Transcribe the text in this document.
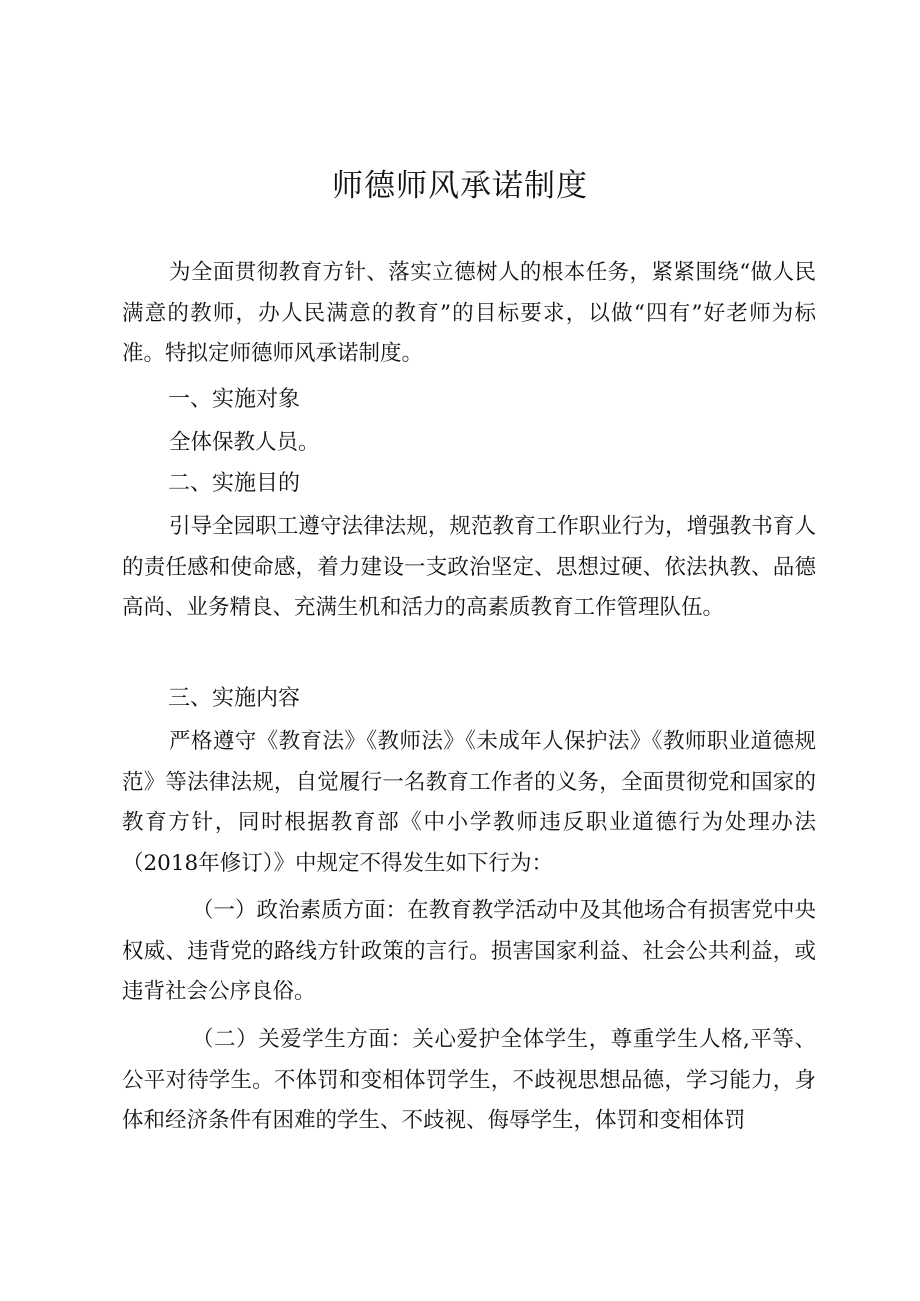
师德师风承诺制度

为全面贯彻教育方针、落实立德树人的根本任务，紧紧围绕“做人民满意的教师，办人民满意的教育”的目标要求，以做“四有”好老师为标准。特拟定师德师风承诺制度。

一、实施对象

全体保教人员。

二、实施目的

引导全园职工遵守法律法规，规范教育工作职业行为，增强教书育人的责任感和使命感，着力建设一支政治坚定、思想过硬、依法执教、品德高尚、业务精良、充满生机和活力的高素质教育工作管理队伍。

三、实施内容

严格遵守《教育法》《教师法》《未成年人保护法》《教师职业道德规范》等法律法规，自觉履行一名教育工作者的义务，全面贯彻党和国家的教育方针，同时根据教育部《中小学教师违反职业道德行为处理办法（2018年修订）》中规定不得发生如下行为：

（一）政治素质方面：在教育教学活动中及其他场合有损害党中央权威、违背党的路线方针政策的言行。损害国家利益、社会公共利益，或违背社会公序良俗。

（二）关爱学生方面：关心爱护全体学生，尊重学生人格,平等、公平对待学生。不体罚和变相体罚学生，不歧视思想品德，学习能力，身体和经济条件有困难的学生、不歧视、侮辱学生，体罚和变相体罚
